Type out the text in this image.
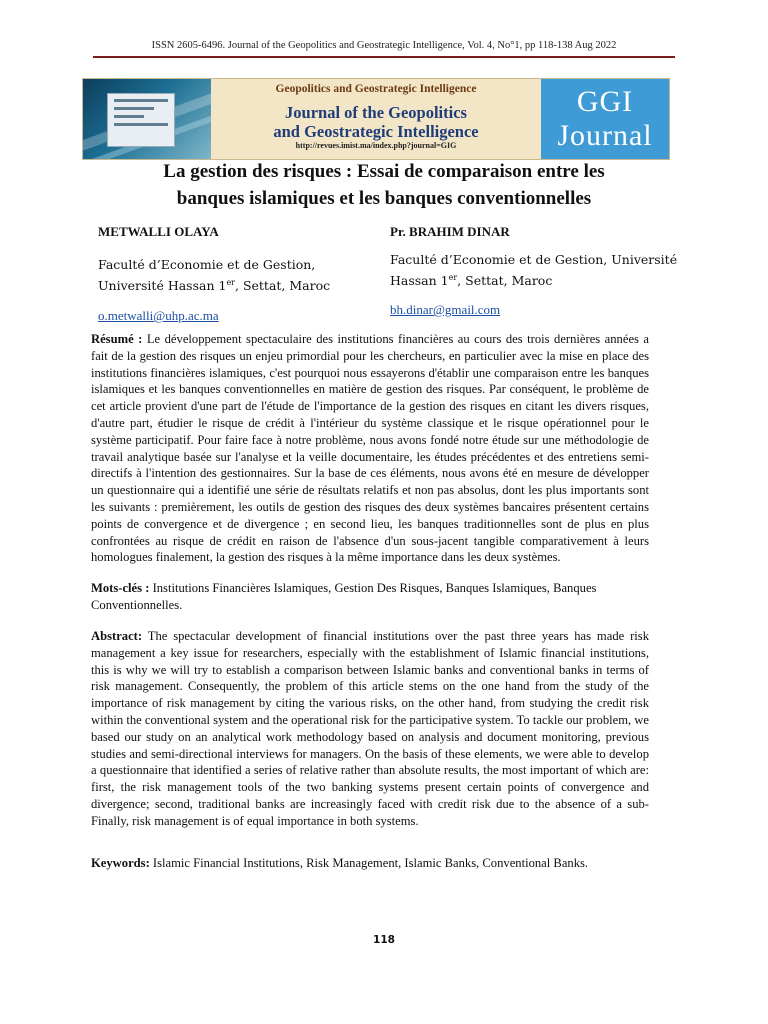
ISSN 2605-6496. Journal of the Geopolitics and Geostrategic Intelligence, Vol. 4, No°1, pp 118-138 Aug 2022
Geopolitics and Geostrategic Intelligence
Journal of the Geopolitics
and Geostrategic Intelligence
http://revues.imist.ma/index.php?journal=GIG
GGI
Journal
La gestion des risques : Essai de comparaison entre les
banques islamiques et les banques conventionnelles
METWALLI OLAYA
Faculté d’Economie et de Gestion,
Université Hassan 1er, Settat, Maroc
o.metwalli@uhp.ac.ma
Pr. BRAHIM DINAR
Faculté d’Economie et de Gestion, Université
Hassan 1er, Settat, Maroc
bh.dinar@gmail.com
Résumé : Le développement spectaculaire des institutions financières au cours des trois dernières années a fait de la gestion des risques un enjeu primordial pour les chercheurs, en particulier avec la mise en place des institutions financières islamiques, c'est pourquoi nous essayerons d'établir une comparaison entre les banques islamiques et les banques conventionnelles en matière de gestion des risques. Par conséquent, le problème de cet article provient d'une part de l'étude de l'importance de la gestion des risques en citant les divers risques, d'autre part, étudier le risque de crédit à l'intérieur du système classique et le risque opérationnel pour le système participatif. Pour faire face à notre problème, nous avons fondé notre étude sur une méthodologie de travail analytique basée sur l'analyse et la veille documentaire, les études précédentes et des entretiens semi-directifs à l'intention des gestionnaires. Sur la base de ces éléments, nous avons été en mesure de développer un questionnaire qui a identifié une série de résultats relatifs et non pas absolus, dont les plus importants sont les suivants : premièrement, les outils de gestion des risques des deux systèmes bancaires présentent certains points de convergence et de divergence ; en second lieu, les banques traditionnelles sont de plus en plus confrontées au risque de crédit en raison de l'absence d'un sous-jacent tangible comparativement à leurs homologues finalement, la gestion des risques à la même importance dans les deux systèmes.
Mots-clés : Institutions Financières Islamiques, Gestion Des Risques, Banques Islamiques, Banques Conventionnelles.
Abstract: The spectacular development of financial institutions over the past three years has made risk management a key issue for researchers, especially with the establishment of Islamic financial institutions, this is why we will try to establish a comparison between Islamic banks and conventional banks in terms of risk management. Consequently, the problem of this article stems on the one hand from the study of the importance of risk management by citing the various risks, on the other hand, from studying the credit risk within the conventional system and the operational risk for the participative system. To tackle our problem, we based our study on an analytical work methodology based on analysis and document monitoring, previous studies and semi-directional interviews for managers. On the basis of these elements, we were able to develop a questionnaire that identified a series of relative rather than absolute results, the most important of which are: first, the risk management tools of the two banking systems present certain points of convergence and divergence; second, traditional banks are increasingly faced with credit risk due to the absence of a sub-Finally, risk management is of equal importance in both systems.
Keywords: Islamic Financial Institutions, Risk Management, Islamic Banks, Conventional Banks.
118
